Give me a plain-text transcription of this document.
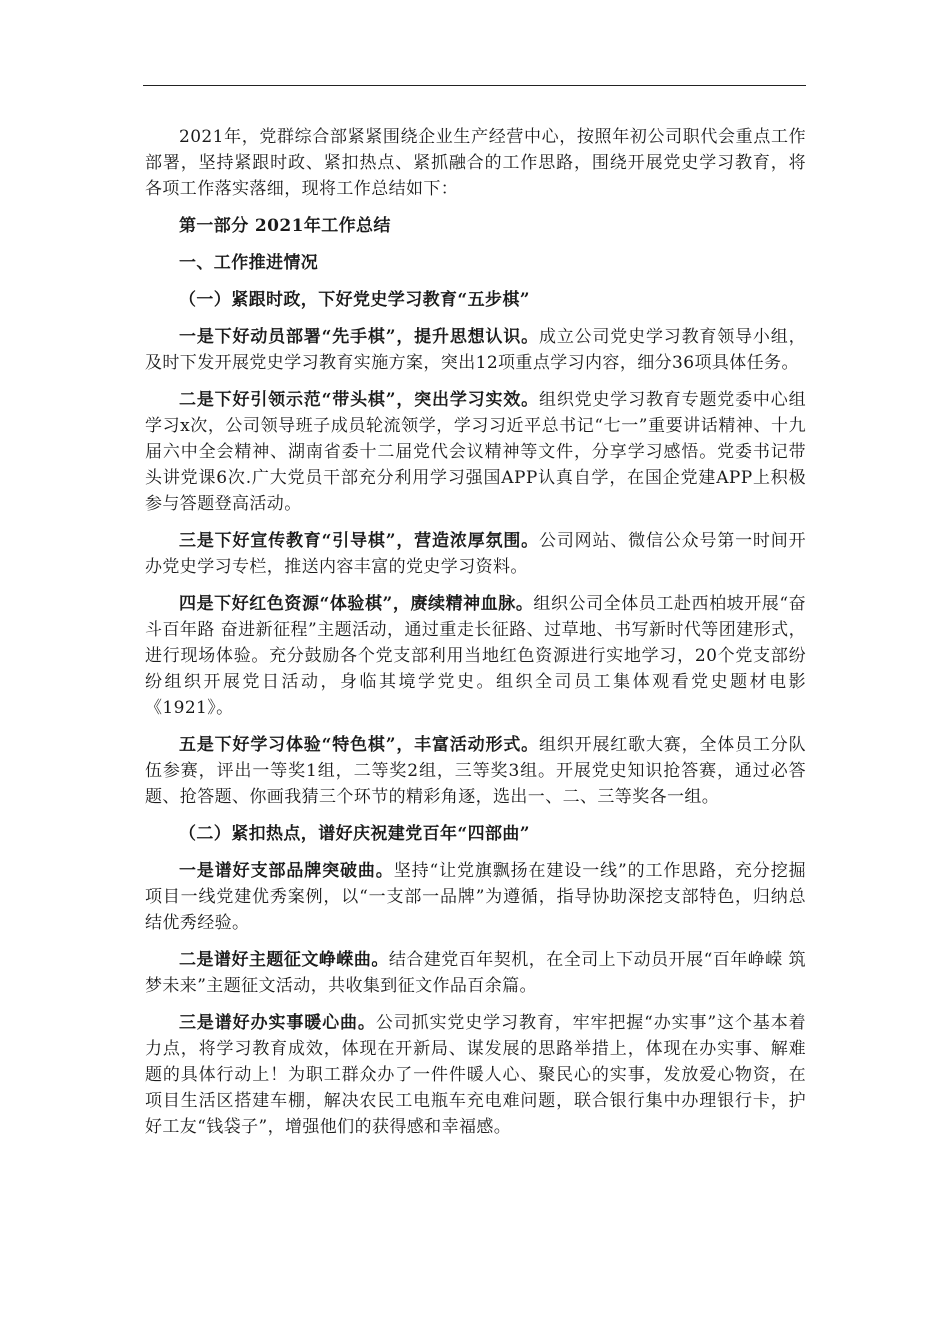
2021年，党群综合部紧紧围绕企业生产经营中心，按照年初公司职代会重点工作部署，坚持紧跟时政、紧扣热点、紧抓融合的工作思路，围绕开展党史学习教育，将各项工作落实落细，现将工作总结如下：

第一部分 2021年工作总结

一、工作推进情况

（一）紧跟时政，下好党史学习教育“五步棋”

一是下好动员部署“先手棋”，提升思想认识。成立公司党史学习教育领导小组，及时下发开展党史学习教育实施方案，突出12项重点学习内容，细分36项具体任务。

二是下好引领示范“带头棋”，突出学习实效。组织党史学习教育专题党委中心组学习x次，公司领导班子成员轮流领学，学习习近平总书记“七一”重要讲话精神、十九届六中全会精神、湖南省委十二届党代会议精神等文件，分享学习感悟。党委书记带头讲党课6次.广大党员干部充分利用学习强国APP认真自学，在国企党建APP上积极参与答题登高活动。

三是下好宣传教育“引导棋”，营造浓厚氛围。公司网站、微信公众号第一时间开办党史学习专栏，推送内容丰富的党史学习资料。

四是下好红色资源“体验棋”，赓续精神血脉。组织公司全体员工赴西柏坡开展“奋斗百年路 奋进新征程”主题活动，通过重走长征路、过草地、书写新时代等团建形式，进行现场体验。充分鼓励各个党支部利用当地红色资源进行实地学习，20个党支部纷纷组织开展党日活动，身临其境学党史。组织全司员工集体观看党史题材电影《1921》。

五是下好学习体验“特色棋”，丰富活动形式。组织开展红歌大赛，全体员工分队伍参赛，评出一等奖1组，二等奖2组，三等奖3组。开展党史知识抢答赛，通过必答题、抢答题、你画我猜三个环节的精彩角逐，选出一、二、三等奖各一组。

（二）紧扣热点，谱好庆祝建党百年“四部曲”

一是谱好支部品牌突破曲。坚持“让党旗飘扬在建设一线”的工作思路，充分挖掘项目一线党建优秀案例，以“一支部一品牌”为遵循，指导协助深挖支部特色，归纳总结优秀经验。

二是谱好主题征文峥嵘曲。结合建党百年契机，在全司上下动员开展“百年峥嵘 筑梦未来”主题征文活动，共收集到征文作品百余篇。

三是谱好办实事暖心曲。公司抓实党史学习教育，牢牢把握“办实事”这个基本着力点，将学习教育成效，体现在开新局、谋发展的思路举措上，体现在办实事、解难题的具体行动上！为职工群众办了一件件暖人心、聚民心的实事，发放爱心物资，在项目生活区搭建车棚，解决农民工电瓶车充电难问题，联合银行集中办理银行卡，护好工友“钱袋子”，增强他们的获得感和幸福感。
